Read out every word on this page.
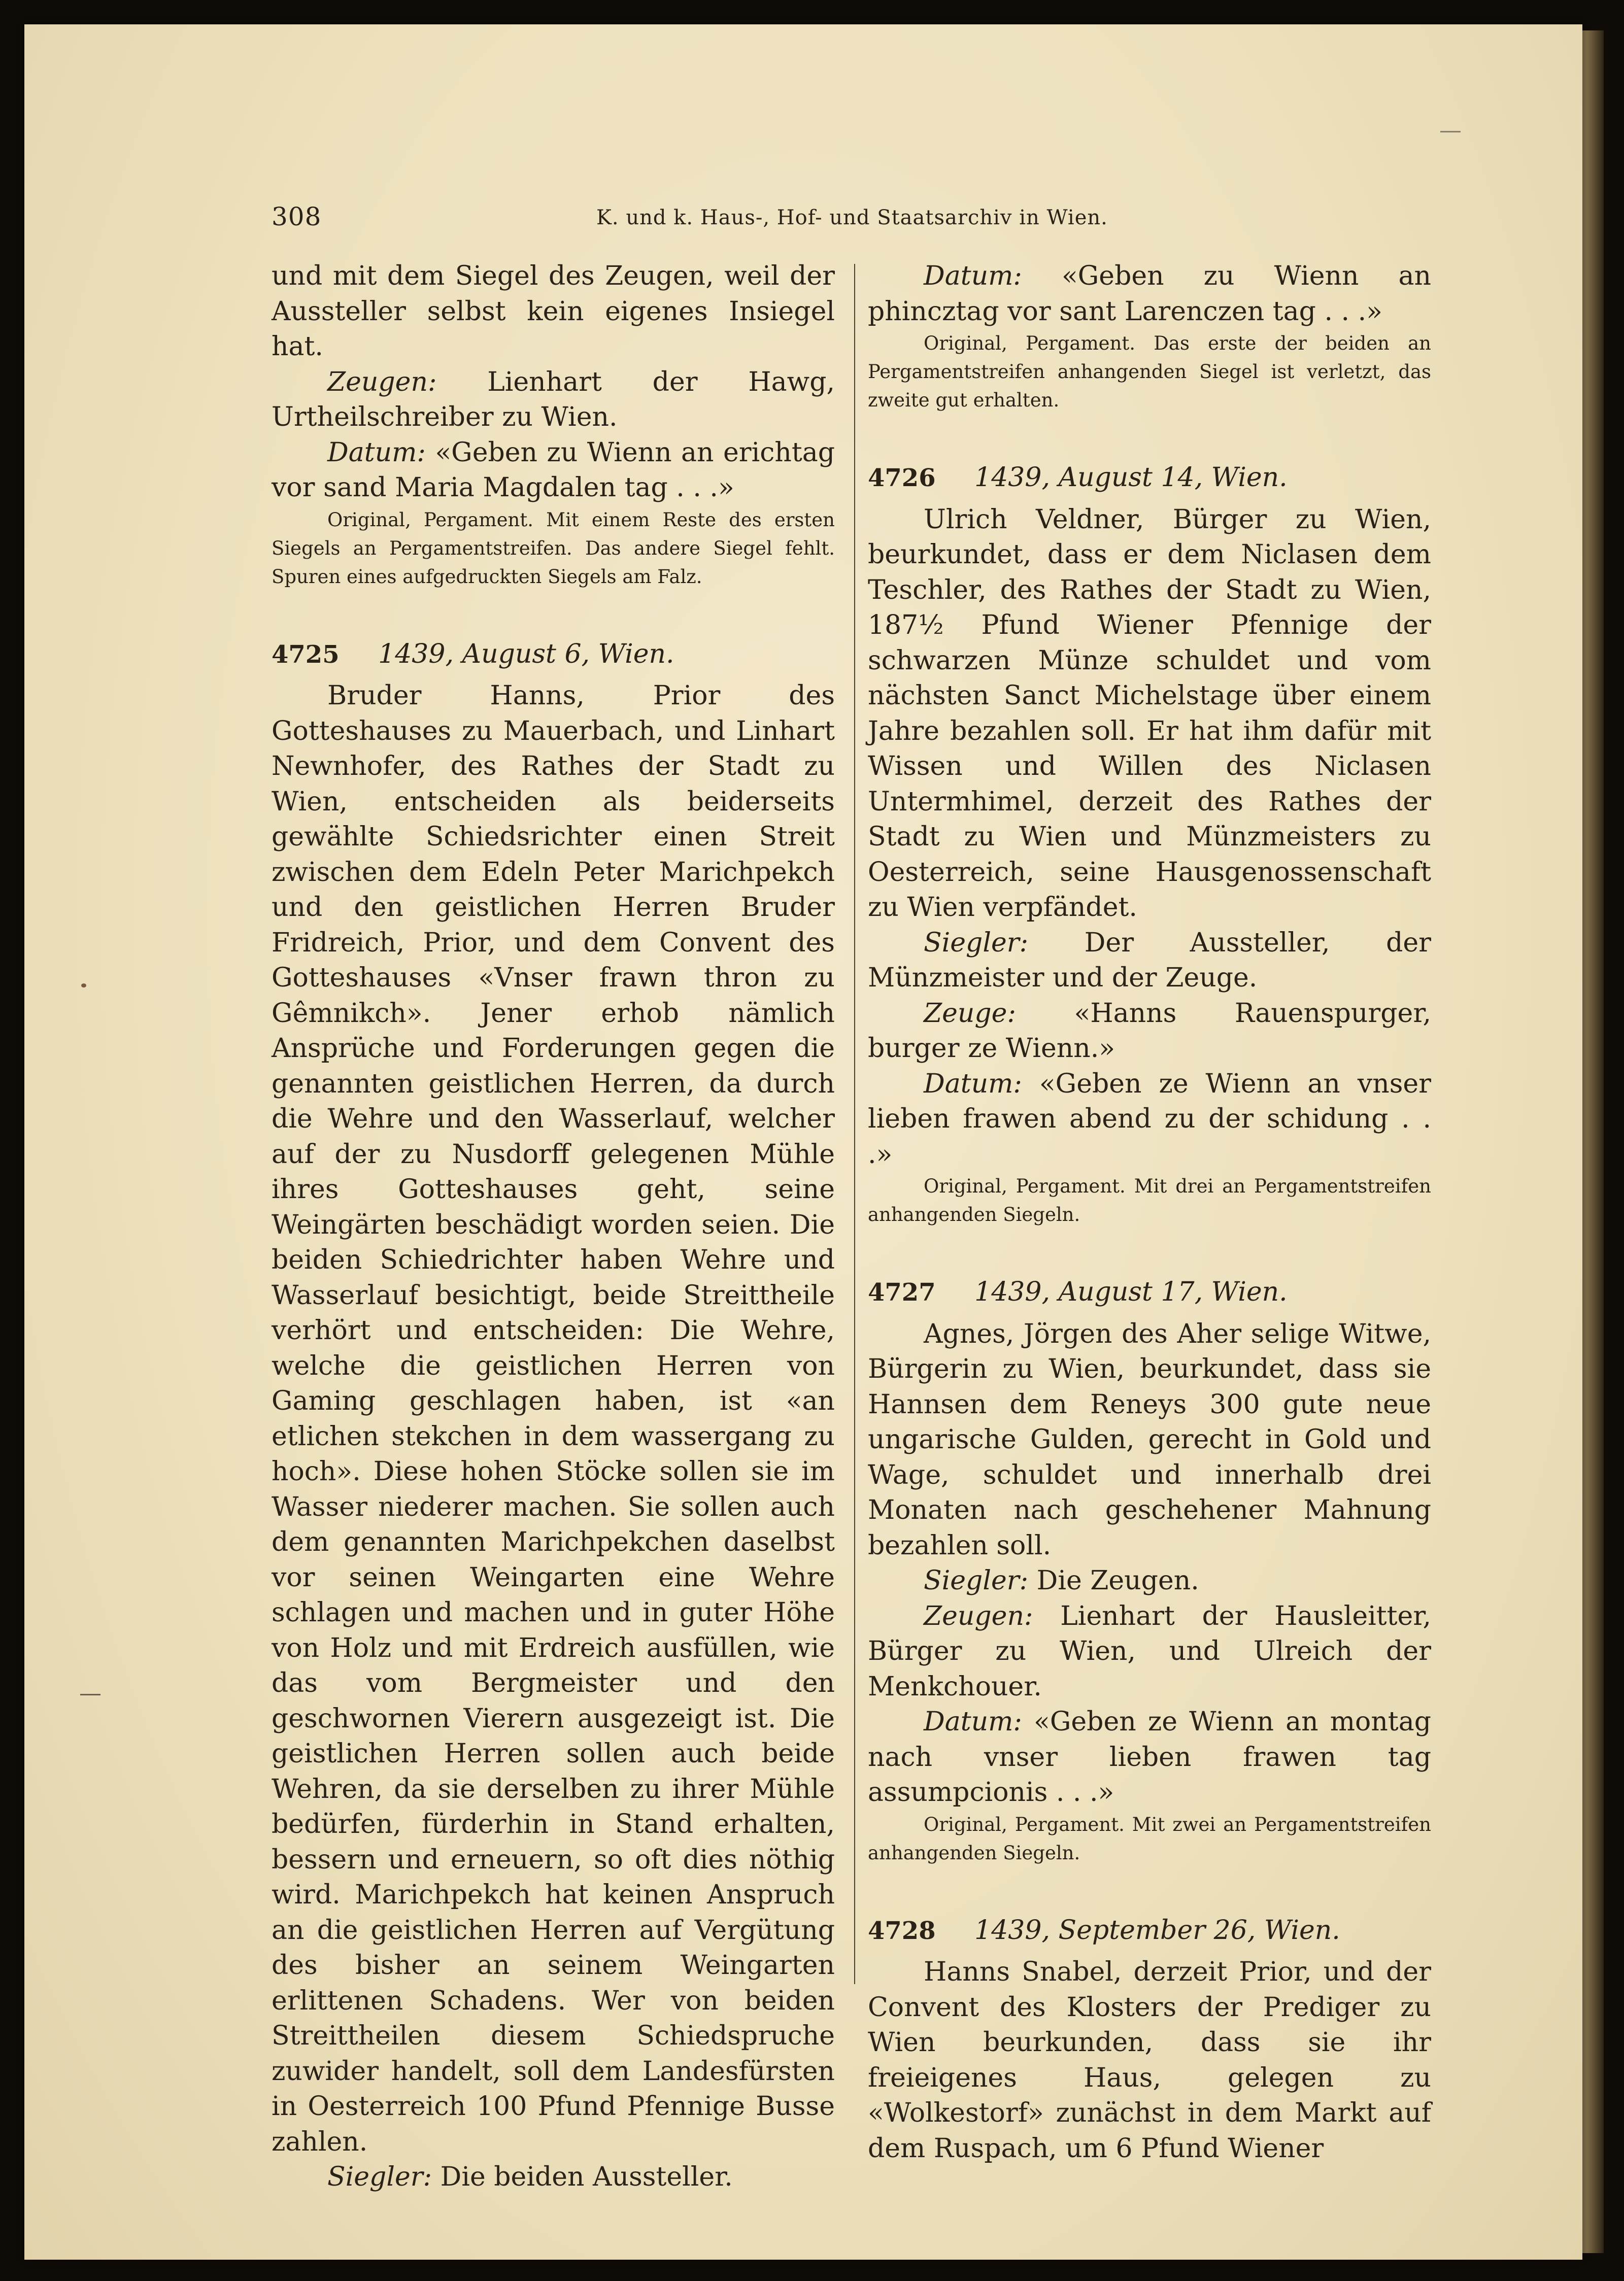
308	K. und k. Haus-, Hof- und Staatsarchiv in Wien.

und mit dem Siegel des Zeugen, weil der Aussteller selbst kein eigenes Insiegel hat.

Zeugen: Lienhart der Hawg, Urtheilschreiber zu Wien.

Datum: «Geben zu Wienn an erichtag vor sand Maria Magdalen tag . . .»

Original, Pergament. Mit einem Reste des ersten Siegels an Pergamentstreifen. Das andere Siegel fehlt. Spuren eines aufgedruckten Siegels am Falz.

4725 1439, August 6, Wien.

Bruder Hanns, Prior des Gotteshauses zu Mauerbach, und Linhart Newnhofer, des Rathes der Stadt zu Wien, entscheiden als beiderseits gewählte Schiedsrichter einen Streit zwischen dem Edeln Peter Marichpekch und den geistlichen Herren Bruder Fridreich, Prior, und dem Convent des Gotteshauses «Vnser frawn thron zu Gêmnikch». Jener erhob nämlich Ansprüche und Forderungen gegen die genannten geistlichen Herren, da durch die Wehre und den Wasserlauf, welcher auf der zu Nusdorff gelegenen Mühle ihres Gotteshauses geht, seine Weingärten beschädigt worden seien. Die beiden Schiedrichter haben Wehre und Wasserlauf besichtigt, beide Streittheile verhört und entscheiden: Die Wehre, welche die geistlichen Herren von Gaming geschlagen haben, ist «an etlichen stekchen in dem wassergang zu hoch». Diese hohen Stöcke sollen sie im Wasser niederer machen. Sie sollen auch dem genannten Marichpekchen daselbst vor seinen Weingarten eine Wehre schlagen und machen und in guter Höhe von Holz und mit Erdreich ausfüllen, wie das vom Bergmeister und den geschwornen Vierern ausgezeigt ist. Die geistlichen Herren sollen auch beide Wehren, da sie derselben zu ihrer Mühle bedürfen, fürderhin in Stand erhalten, bessern und erneuern, so oft dies nöthig wird. Marichpekch hat keinen Anspruch an die geistlichen Herren auf Vergütung des bisher an seinem Weingarten erlittenen Schadens. Wer von beiden Streittheilen diesem Schiedspruche zuwider handelt, soll dem Landesfürsten in Oesterreich 100 Pfund Pfennige Busse zahlen.

Siegler: Die beiden Aussteller.

Datum: «Geben zu Wienn an phincztag vor sant Larenczen tag . . .»

Original, Pergament. Das erste der beiden an Pergamentstreifen anhangenden Siegel ist verletzt, das zweite gut erhalten.

4726 1439, August 14, Wien.

Ulrich Veldner, Bürger zu Wien, beurkundet, dass er dem Niclasen dem Teschler, des Rathes der Stadt zu Wien, 187½ Pfund Wiener Pfennige der schwarzen Münze schuldet und vom nächsten Sanct Michelstage über einem Jahre bezahlen soll. Er hat ihm dafür mit Wissen und Willen des Niclasen Untermhimel, derzeit des Rathes der Stadt zu Wien und Münzmeisters zu Oesterreich, seine Hausgenossenschaft zu Wien verpfändet.

Siegler: Der Aussteller, der Münzmeister und der Zeuge.

Zeuge: «Hanns Rauenspurger, burger ze Wienn.»

Datum: «Geben ze Wienn an vnser lieben frawen abend zu der schidung . . .»

Original, Pergament. Mit drei an Pergamentstreifen anhangenden Siegeln.

4727 1439, August 17, Wien.

Agnes, Jörgen des Aher selige Witwe, Bürgerin zu Wien, beurkundet, dass sie Hannsen dem Reneys 300 gute neue ungarische Gulden, gerecht in Gold und Wage, schuldet und innerhalb drei Monaten nach geschehener Mahnung bezahlen soll.

Siegler: Die Zeugen.

Zeugen: Lienhart der Hausleitter, Bürger zu Wien, und Ulreich der Menkchouer.

Datum: «Geben ze Wienn an montag nach vnser lieben frawen tag assumpcionis . . .»

Original, Pergament. Mit zwei an Pergamentstreifen anhangenden Siegeln.

4728 1439, September 26, Wien.

Hanns Snabel, derzeit Prior, und der Convent des Klosters der Prediger zu Wien beurkunden, dass sie ihr freieigenes Haus, gelegen zu «Wolkestorf» zunächst in dem Markt auf dem Ruspach, um 6 Pfund Wiener
